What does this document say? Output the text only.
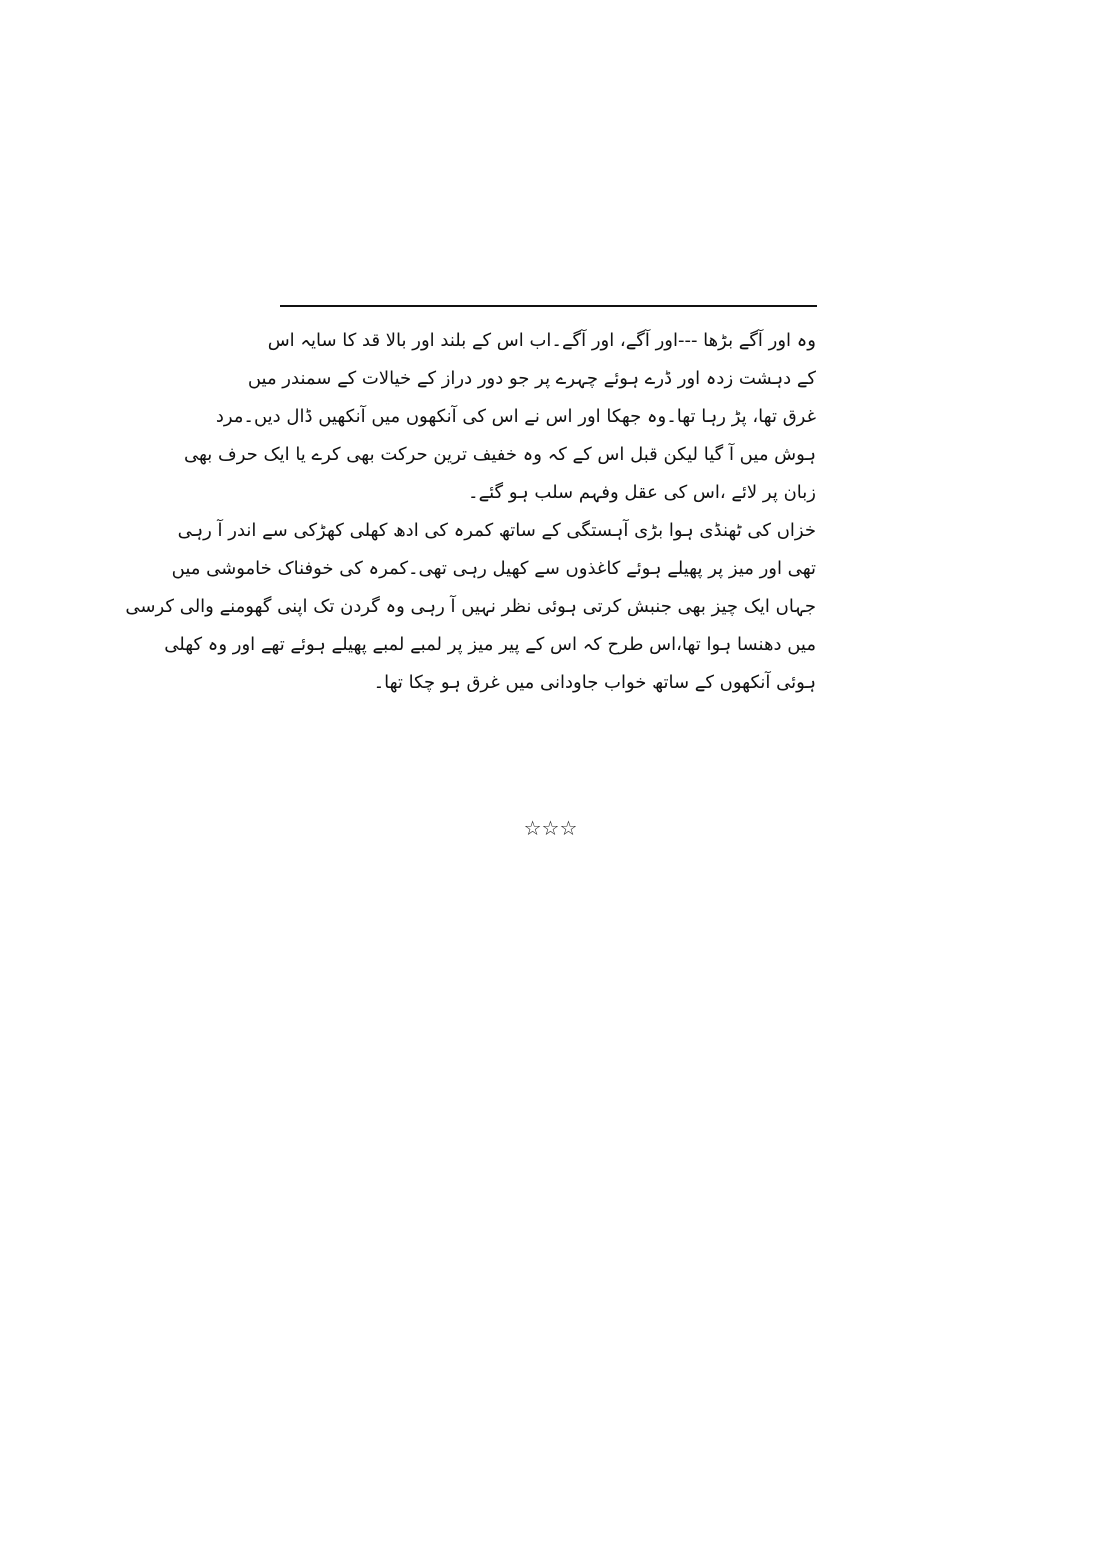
وہ اور آگے بڑھا ---اور آگے، اور آگے۔اب اس کے بلند اور بالا قد کا سایہ اس
کے دہشت زدہ اور ڈرے ہوئے چہرے پر جو دور دراز کے خیالات کے سمندر میں
غرق تھا، پڑ رہا تھا۔وہ جھکا اور اس نے اس کی آنکھوں میں آنکھیں ڈال دیں۔مرد
ہوش میں آ گیا لیکن قبل اس کے کہ وہ خفیف ترین حرکت بھی کرے یا ایک حرف بھی
زبان پر لائے ،اس کی عقل وفہم سلب ہو گئے۔
خزاں کی ٹھنڈی ہوا بڑی آہستگی کے ساتھ کمرہ کی ادھ کھلی کھڑکی سے اندر آ رہی
تھی اور میز پر پھیلے ہوئے کاغذوں سے کھیل رہی تھی۔کمرہ کی خوفناک خاموشی میں
جہاں ایک چیز بھی جنبش کرتی ہوئی نظر نہیں آ رہی وہ گردن تک اپنی گھومنے والی کرسی
میں دھنسا ہوا تھا،اس طرح کہ اس کے پیر میز پر لمبے لمبے پھیلے ہوئے تھے اور وہ کھلی
ہوئی آنکھوں کے ساتھ خواب جاودانی میں غرق ہو چکا تھا۔
☆☆☆
